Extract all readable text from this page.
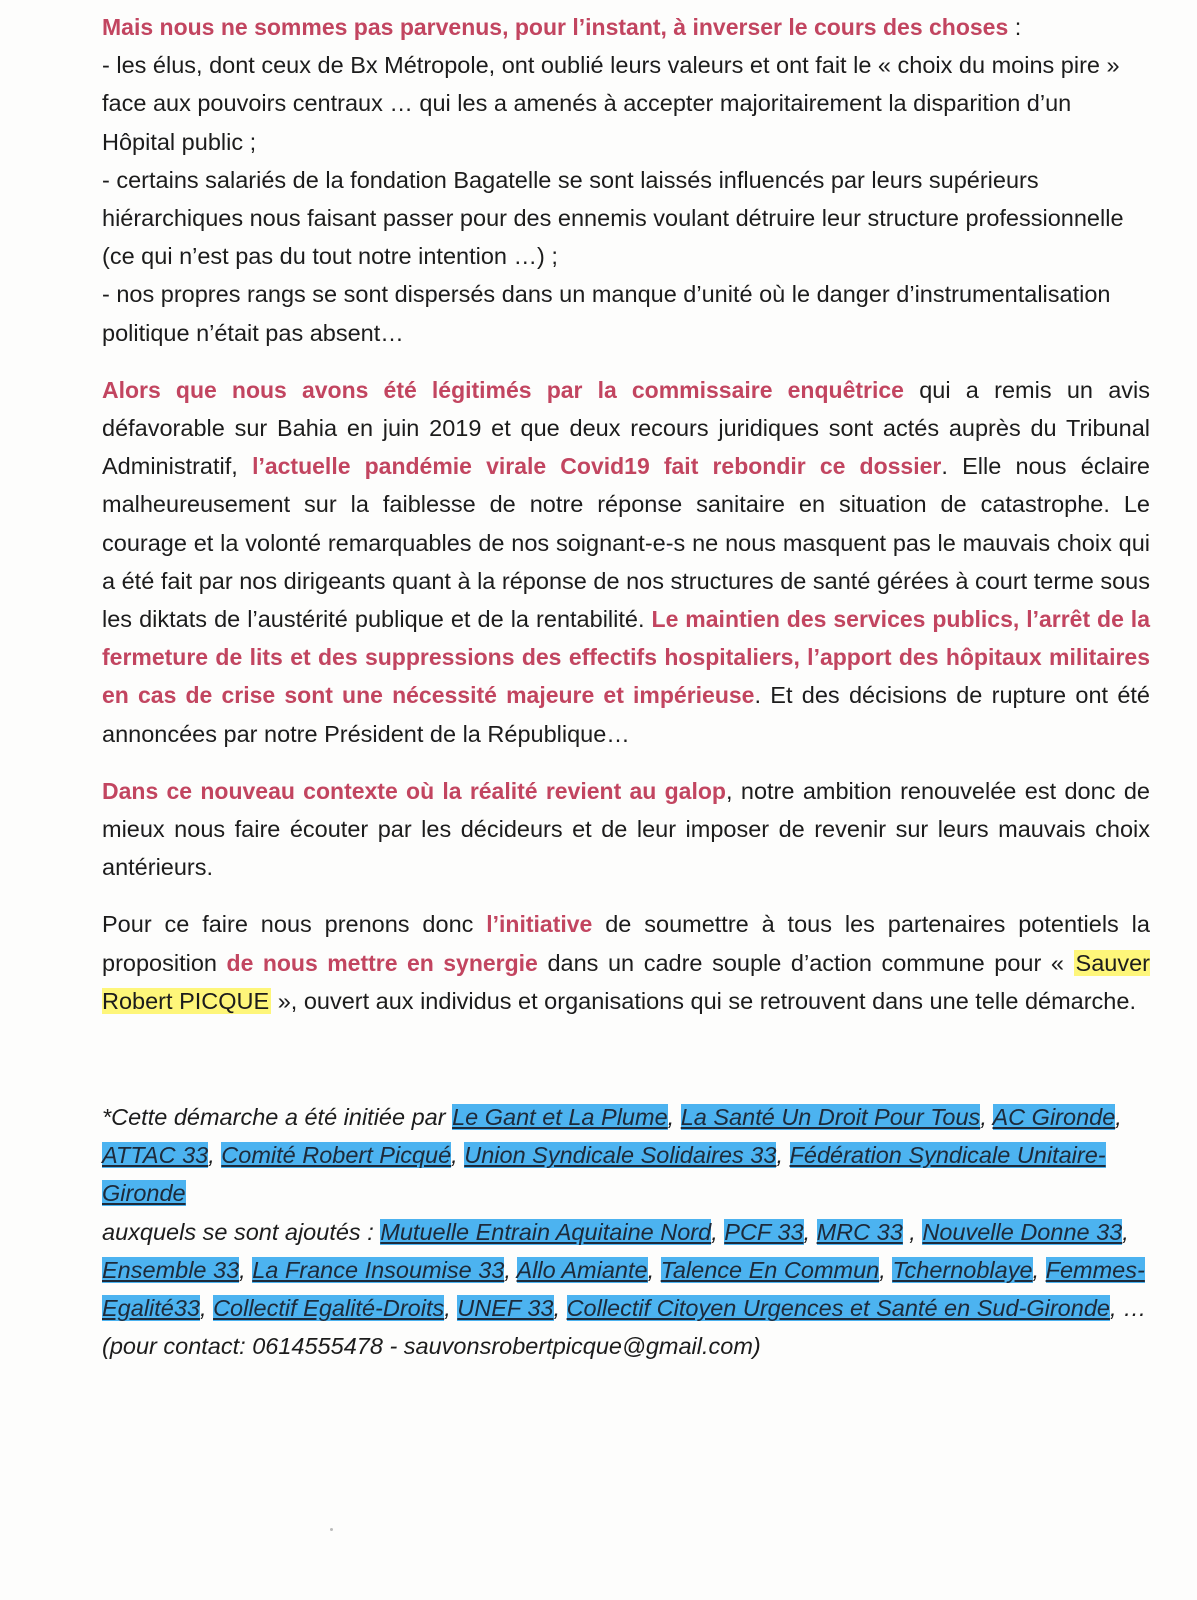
Mais nous ne sommes pas parvenus, pour l’instant, à inverser le cours des choses :
- les élus, dont ceux de Bx Métropole, ont oublié leurs valeurs et ont fait le « choix du moins pire » face aux pouvoirs centraux … qui les a amenés à accepter majoritairement la disparition d’un Hôpital public ;
- certains salariés de la fondation Bagatelle se sont laissés influencés par leurs supérieurs hiérarchiques nous faisant passer pour des ennemis voulant détruire leur structure professionnelle (ce qui n’est pas du tout notre intention …) ;
- nos propres rangs se sont dispersés dans un manque d’unité où le danger d’instrumentalisation politique n’était pas absent…

Alors que nous avons été légitimés par la commissaire enquêtrice qui a remis un avis défavorable sur Bahia en juin 2019 et que deux recours juridiques sont actés auprès du Tribunal Administratif, l’actuelle pandémie virale Covid19 fait rebondir ce dossier. Elle nous éclaire malheureusement sur la faiblesse de notre réponse sanitaire en situation de catastrophe. Le courage et la volonté remarquables de nos soignant-e-s ne nous masquent pas le mauvais choix qui a été fait par nos dirigeants quant à la réponse de nos structures de santé gérées à court terme sous les diktats de l’austérité publique et de la rentabilité. Le maintien des services publics, l’arrêt de la fermeture de lits et des suppressions des effectifs hospitaliers, l’apport des hôpitaux militaires en cas de crise sont une nécessité majeure et impérieuse. Et des décisions de rupture ont été annoncées par notre Président de la République…

Dans ce nouveau contexte où la réalité revient au galop, notre ambition renouvelée est donc de mieux nous faire écouter par les décideurs et de leur imposer de revenir sur leurs mauvais choix antérieurs.

Pour ce faire nous prenons donc l’initiative de soumettre à tous les partenaires potentiels la proposition de nous mettre en synergie dans un cadre souple d’action commune pour « Sauver Robert PICQUE », ouvert aux individus et organisations qui se retrouvent dans une telle démarche.

*Cette démarche a été initiée par Le Gant et La Plume, La Santé Un Droit Pour Tous, AC Gironde, ATTAC 33, Comité Robert Picqué, Union Syndicale Solidaires 33, Fédération Syndicale Unitaire-Gironde
auxquels se sont ajoutés : Mutuelle Entrain Aquitaine Nord, PCF 33, MRC 33 , Nouvelle Donne 33, Ensemble 33, La France Insoumise 33, Allo Amiante, Talence En Commun, Tchernoblaye, Femmes-Egalité33, Collectif Egalité-Droits, UNEF 33, Collectif Citoyen Urgences et Santé en Sud-Gironde, …
(pour contact: 0614555478 - sauvonsrobertpicque@gmail.com)
